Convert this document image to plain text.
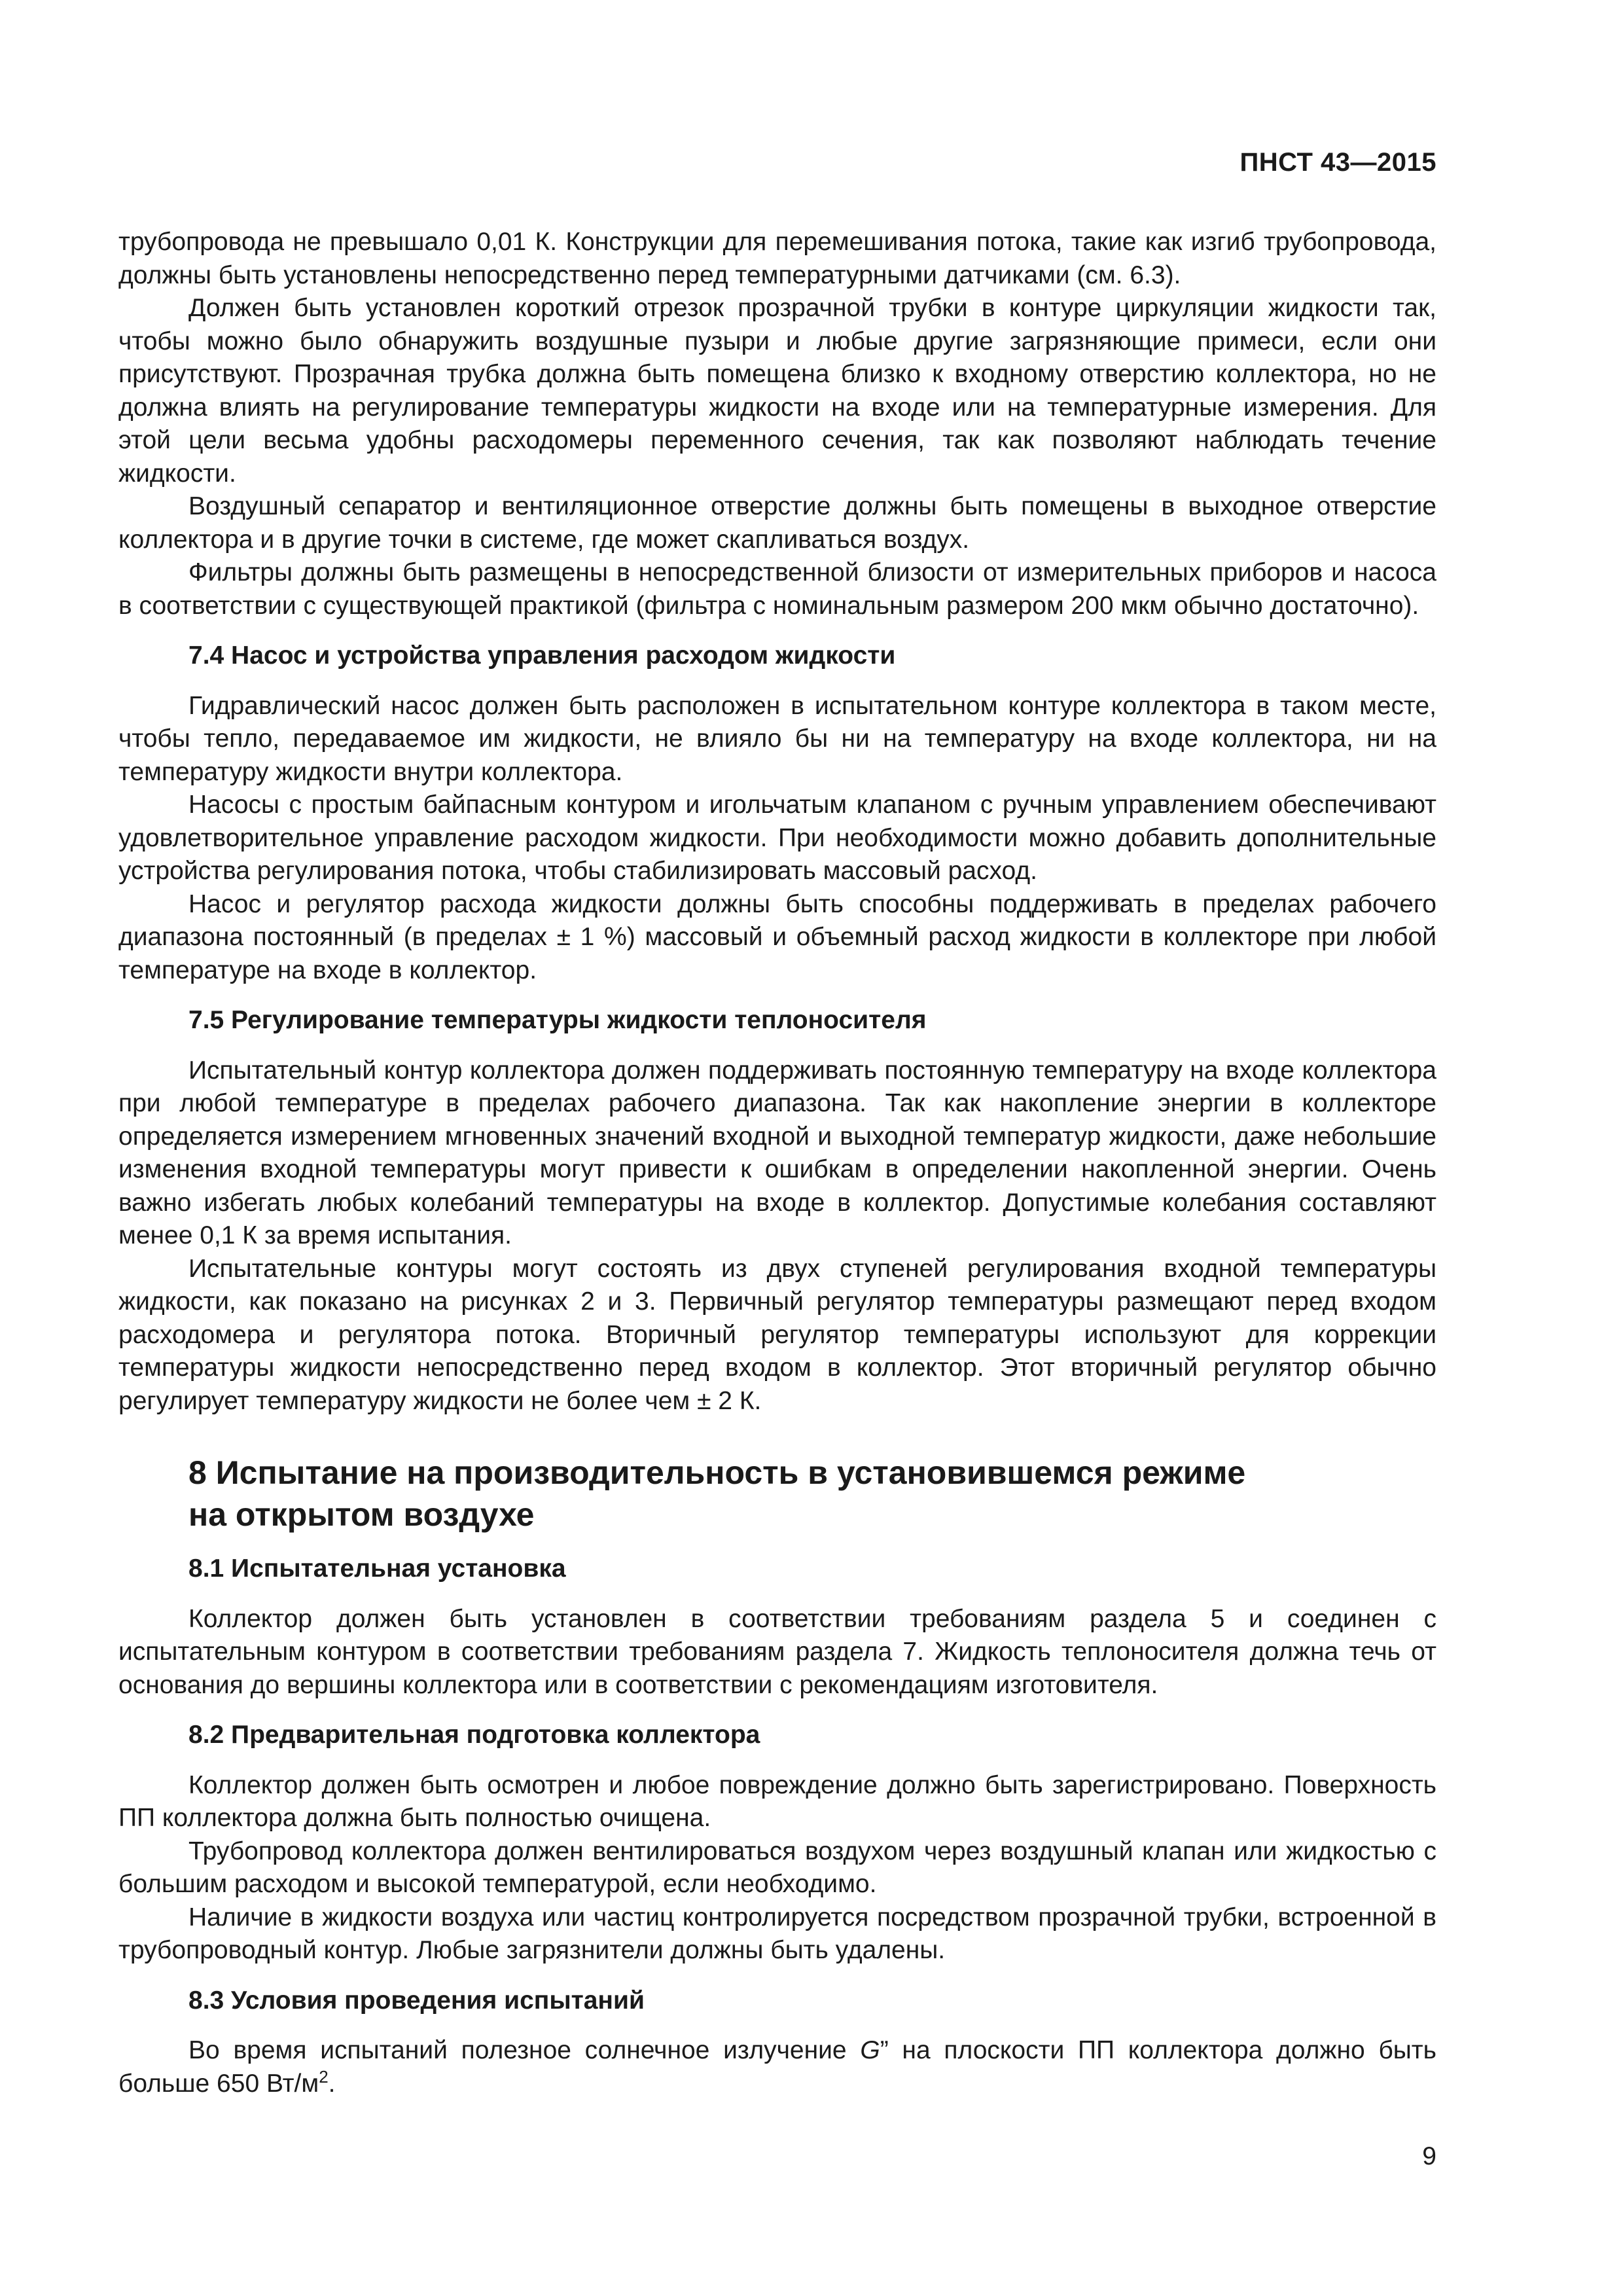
ПНСТ 43—2015

трубопровода не превышало 0,01 К. Конструкции для перемешивания потока, такие как изгиб трубопровода, должны быть установлены непосредственно перед температурными датчиками (см. 6.3).

Должен быть установлен короткий отрезок прозрачной трубки в контуре циркуляции жидкости так, чтобы можно было обнаружить воздушные пузыри и любые другие загрязняющие примеси, если они присутствуют. Прозрачная трубка должна быть помещена близко к входному отверстию коллектора, но не должна влиять на регулирование температуры жидкости на входе или на температурные измерения. Для этой цели весьма удобны расходомеры переменного сечения, так как позволяют наблюдать течение жидкости.

Воздушный сепаратор и вентиляционное отверстие должны быть помещены в выходное отверстие коллектора и в другие точки в системе, где может скапливаться воздух.

Фильтры должны быть размещены в непосредственной близости от измерительных приборов и насоса в соответствии с существующей практикой (фильтра с номинальным размером 200 мкм обычно достаточно).

7.4 Насос и устройства управления расходом жидкости

Гидравлический насос должен быть расположен в испытательном контуре коллектора в таком месте, чтобы тепло, передаваемое им жидкости, не влияло бы ни на температуру на входе коллектора, ни на температуру жидкости внутри коллектора.

Насосы с простым байпасным контуром и игольчатым клапаном с ручным управлением обеспечивают удовлетворительное управление расходом жидкости. При необходимости можно добавить дополнительные устройства регулирования потока, чтобы стабилизировать массовый расход.

Насос и регулятор расхода жидкости должны быть способны поддерживать в пределах рабочего диапазона постоянный (в пределах ± 1 %) массовый и объемный расход жидкости в коллекторе при любой температуре на входе в коллектор.

7.5 Регулирование температуры жидкости теплоносителя

Испытательный контур коллектора должен поддерживать постоянную температуру на входе коллектора при любой температуре в пределах рабочего диапазона. Так как накопление энергии в коллекторе определяется измерением мгновенных значений входной и выходной температур жидкости, даже небольшие изменения входной температуры могут привести к ошибкам в определении накопленной энергии. Очень важно избегать любых колебаний температуры на входе в коллектор. Допустимые колебания составляют менее 0,1 К за время испытания.

Испытательные контуры могут состоять из двух ступеней регулирования входной температуры жидкости, как показано на рисунках 2 и 3. Первичный регулятор температуры размещают перед входом расходомера и регулятора потока. Вторичный регулятор температуры используют для коррекции температуры жидкости непосредственно перед входом в коллектор. Этот вторичный регулятор обычно регулирует температуру жидкости не более чем ± 2 К.

8 Испытание на производительность в установившемся режиме
на открытом воздухе
8.1 Испытательная установка

Коллектор должен быть установлен в соответствии требованиям раздела 5 и соединен с испытательным контуром в соответствии требованиям раздела 7. Жидкость теплоносителя должна течь от основания до вершины коллектора или в соответствии с рекомендациям изготовителя.

8.2 Предварительная подготовка коллектора

Коллектор должен быть осмотрен и любое повреждение должно быть зарегистрировано. Поверхность ПП коллектора должна быть полностью очищена.

Трубопровод коллектора должен вентилироваться воздухом через воздушный клапан или жидкостью с большим расходом и высокой температурой, если необходимо.

Наличие в жидкости воздуха или частиц контролируется посредством прозрачной трубки, встроенной в трубопроводный контур. Любые загрязнители должны быть удалены.

8.3 Условия проведения испытаний

Во время испытаний полезное солнечное излучение G” на плоскости ПП коллектора должно быть больше 650 $Вт/м^2$.

9
